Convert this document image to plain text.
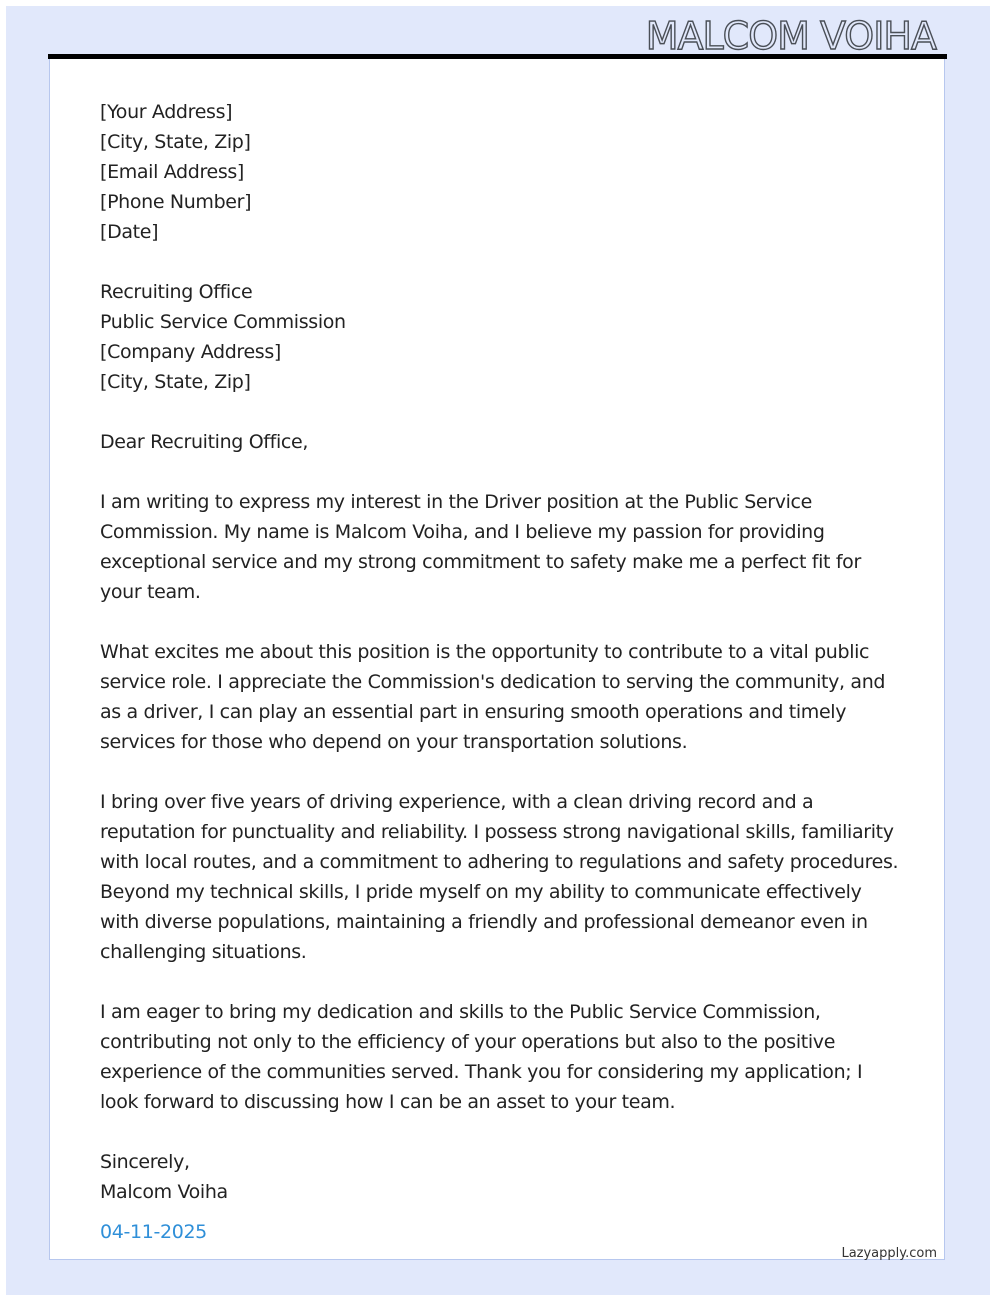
MALCOM VOIHA
[Your Address]
[City, State, Zip]
[Email Address]
[Phone Number]
[Date]
Recruiting Office
Public Service Commission
[Company Address]
[City, State, Zip]
Dear Recruiting Office,

I am writing to express my interest in the Driver position at the Public Service Commission. My name is Malcom Voiha, and I believe my passion for providing exceptional service and my strong commitment to safety make me a perfect fit for your team.

What excites me about this position is the opportunity to contribute to a vital public service role. I appreciate the Commission's dedication to serving the community, and as a driver, I can play an essential part in ensuring smooth operations and timely services for those who depend on your transportation solutions.

I bring over five years of driving experience, with a clean driving record and a reputation for punctuality and reliability. I possess strong navigational skills, familiarity with local routes, and a commitment to adhering to regulations and safety procedures. Beyond my technical skills, I pride myself on my ability to communicate effectively with diverse populations, maintaining a friendly and professional demeanor even in challenging situations.

I am eager to bring my dedication and skills to the Public Service Commission, contributing not only to the efficiency of your operations but also to the positive experience of the communities served. Thank you for considering my application; I look forward to discussing how I can be an asset to your team.

Sincerely,
Malcom Voiha
04-11-2025
Lazyapply.com
